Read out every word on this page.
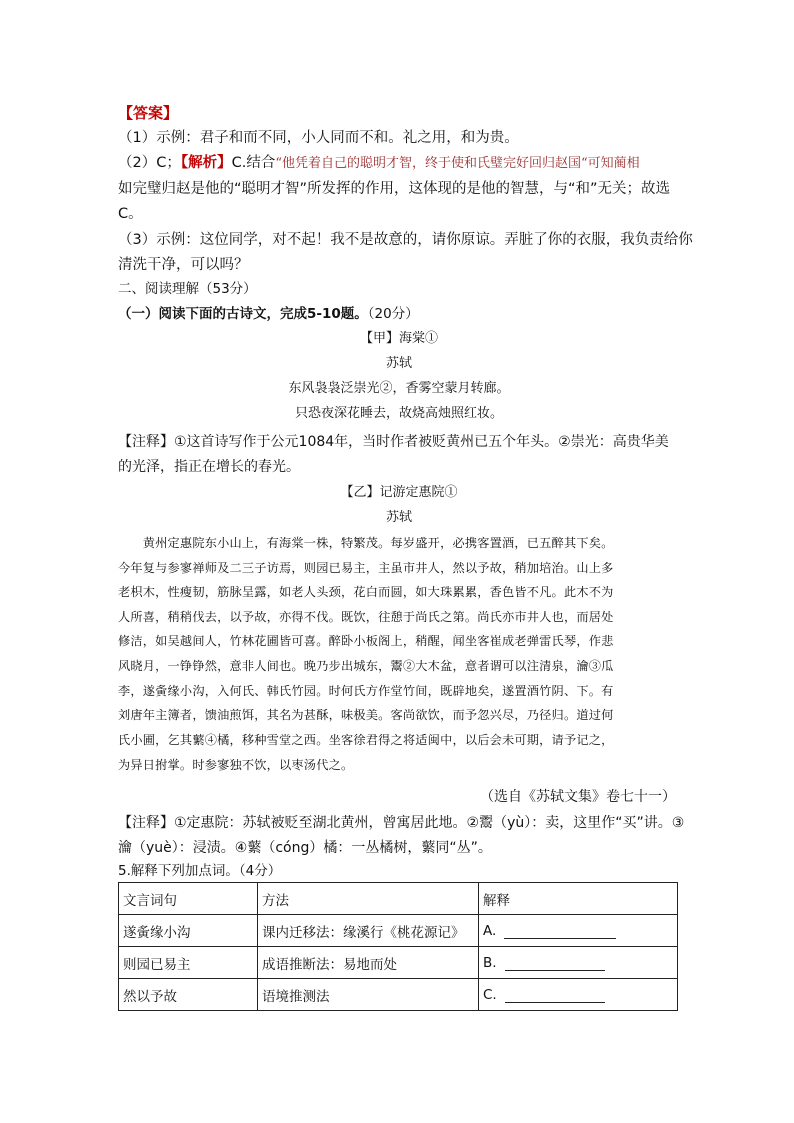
【答案】
（1）示例：君子和而不同，小人同而不和。礼之用，和为贵。
（2）C；【解析】C.结合“他凭着自己的聪明才智，终于使和氏璧完好回归赵国“可知蔺相
如完璧归赵是他的“聪明才智”所发挥的作用，这体现的是他的智慧，与“和”无关；故选
C。
（3）示例：这位同学，对不起！我不是故意的，请你原谅。弄脏了你的衣服，我负责给你
清洗干净，可以吗？
二、阅读理解（53分）
（一）阅读下面的古诗文，完成5-10题。（20分）
【甲】海棠①
苏轼
东风袅袅泛崇光②，香雾空蒙月转廊。
只恐夜深花睡去，故烧高烛照红妆。
【注释】①这首诗写作于公元1084年，当时作者被贬黄州已五个年头。②崇光：高贵华美
的光泽，指正在增长的春光。
【乙】记游定惠院①
苏轼
　　黄州定惠院东小山上，有海棠一株，特繁茂。每岁盛开，必携客置酒，已五醉其下矣。
今年复与参寥禅师及二三子访焉，则园已易主，主虽市井人，然以予故，稍加培治。山上多
老枳木，性瘦韧，筋脉呈露，如老人头颈，花白而圆，如大珠累累，香色皆不凡。此木不为
人所喜，稍稍伐去，以予故，亦得不伐。既饮，往憩于尚氏之第。尚氏亦市井人也，而居处
修洁，如吴越间人，竹林花圃皆可喜。醉卧小板阁上，稍醒，闻坐客崔成老弹雷氏琴，作悲
风晓月，一铮铮然，意非人间也。晚乃步出城东，鬻②大木盆，意者谓可以注清泉，瀹③瓜
李，遂夤缘小沟，入何氏、韩氏竹园。时何氏方作堂竹间，既辟地矣，遂置酒竹阴、下。有
刘唐年主簿者，馈油煎饵，其名为甚酥，味极美。客尚欲饮，而予忽兴尽，乃径归。道过何
氏小圃，乞其蘩④橘，移种雪堂之西。坐客徐君得之将适闽中，以后会未可期，请予记之，
为异日拊掌。时参寥独不饮，以枣汤代之。
（选自《苏轼文集》卷七十一）
【注释】①定惠院：苏轼被贬至湖北黄州，曾寓居此地。②鬻（yù）：卖，这里作“买”讲。③
瀹（yuè）：浸渍。④蘩（cóng）橘：一丛橘树，蘩同“丛”。
5.解释下列加点词。（4分）
文言词句	方法	解释
遂夤缘小沟	课内迁移法：缘溪行《桃花源记》	A.
则园已易主	成语推断法：易地而处	B.
然以予故	语境推测法	C.
